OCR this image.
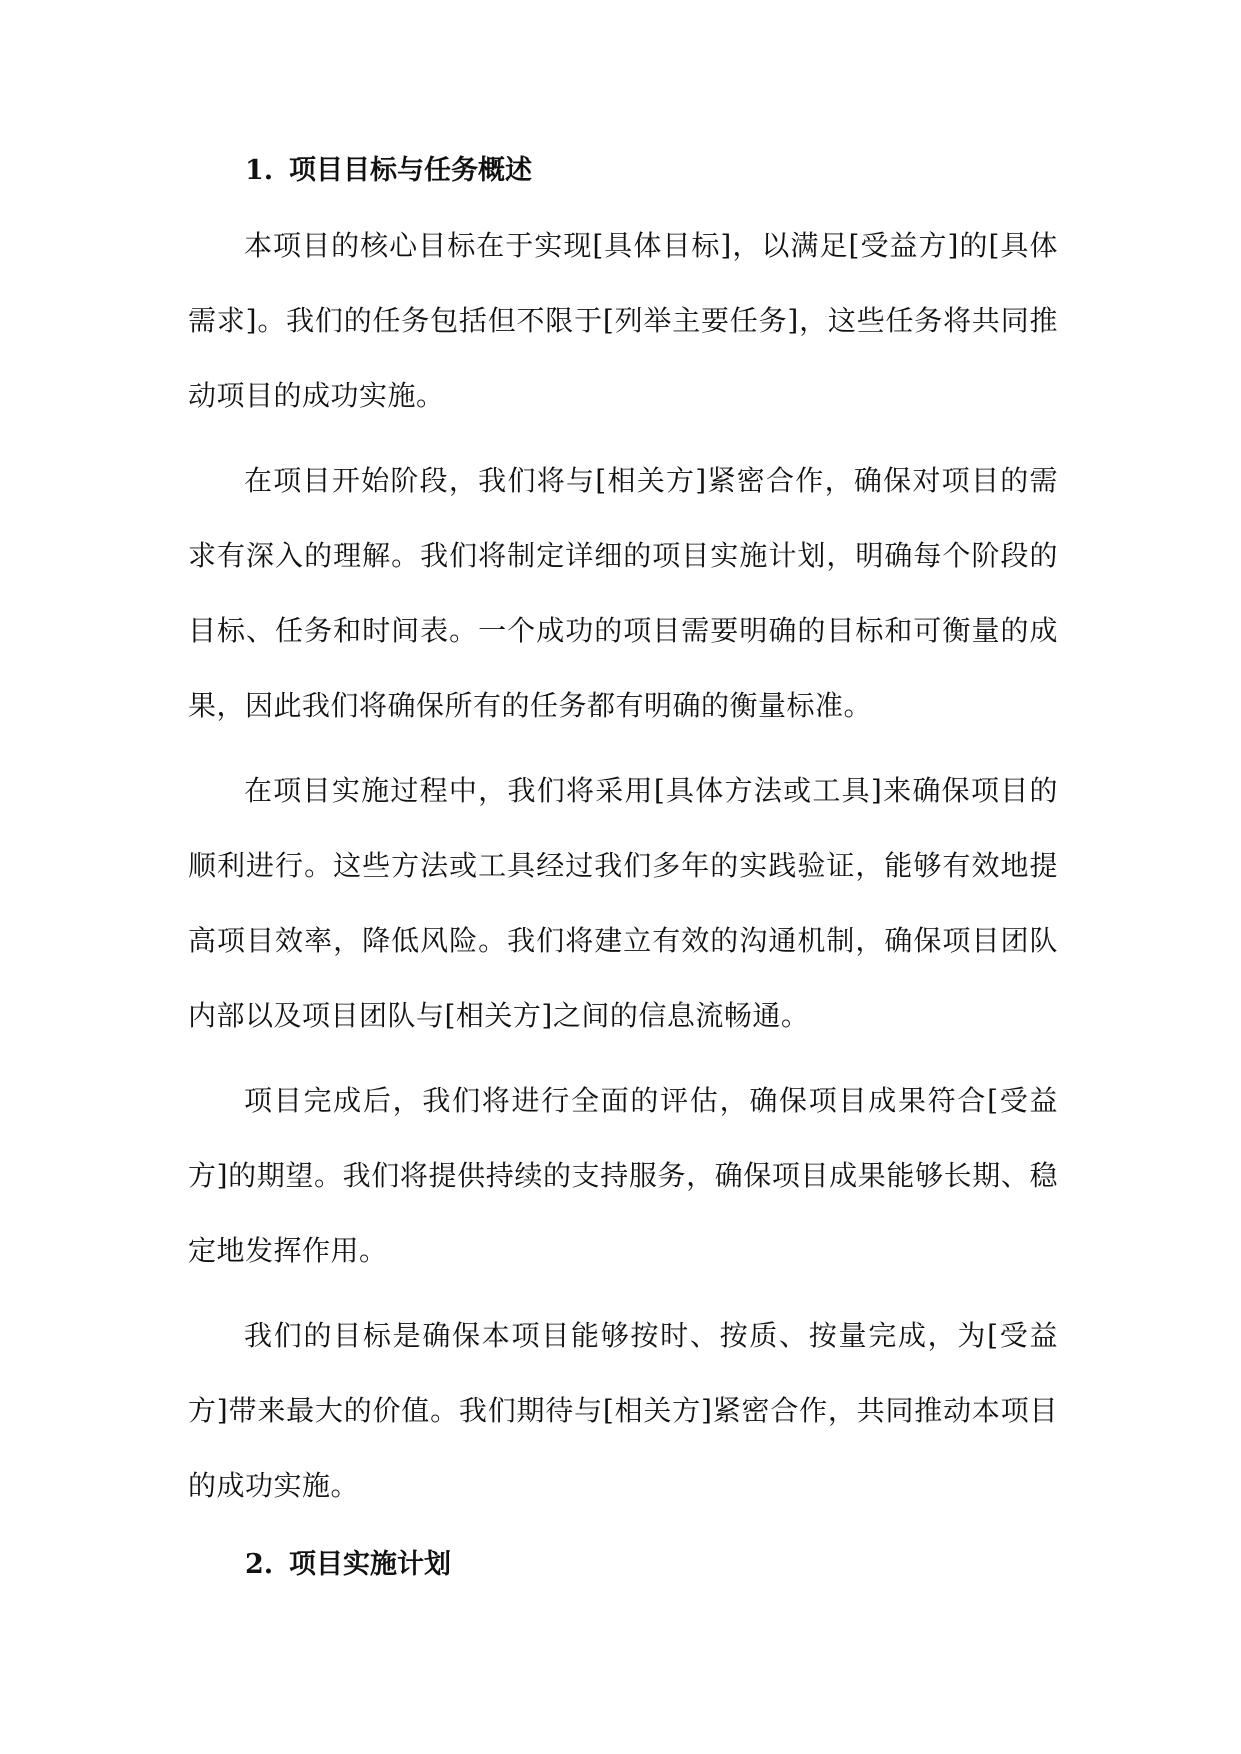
1. 项目目标与任务概述

本项目的核心目标在于实现[具体目标]，以满足[受益方]的[具体需求]。我们的任务包括但不限于[列举主要任务]，这些任务将共同推动项目的成功实施。

在项目开始阶段，我们将与[相关方]紧密合作，确保对项目的需求有深入的理解。我们将制定详细的项目实施计划，明确每个阶段的目标、任务和时间表。一个成功的项目需要明确的目标和可衡量的成果，因此我们将确保所有的任务都有明确的衡量标准。

在项目实施过程中，我们将采用[具体方法或工具]来确保项目的顺利进行。这些方法或工具经过我们多年的实践验证，能够有效地提高项目效率，降低风险。我们将建立有效的沟通机制，确保项目团队内部以及项目团队与[相关方]之间的信息流畅通。

项目完成后，我们将进行全面的评估，确保项目成果符合[受益方]的期望。我们将提供持续的支持服务，确保项目成果能够长期、稳定地发挥作用。

我们的目标是确保本项目能够按时、按质、按量完成，为[受益方]带来最大的价值。我们期待与[相关方]紧密合作，共同推动本项目的成功实施。

2. 项目实施计划
